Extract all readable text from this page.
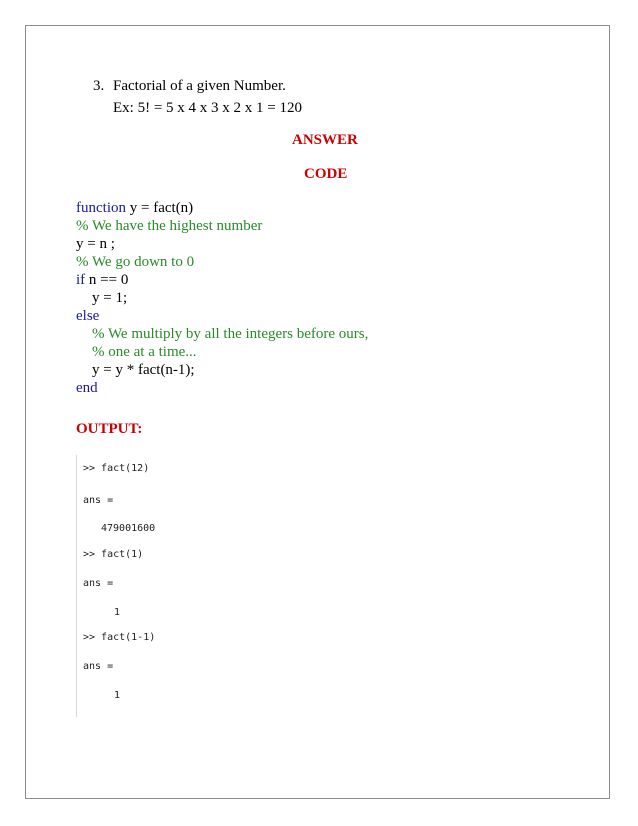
3. Factorial of a given Number.
Ex: 5! = 5 x 4 x 3 x 2 x 1 = 120
ANSWER
CODE
function y = fact(n)
% We have the highest number
y = n ;
% We go down to 0
if n == 0
y = 1;
else
% We multiply by all the integers before ours,
% one at a time...
y = y * fact(n-1);
end
OUTPUT:
>> fact(12)
ans =
479001600
>> fact(1)
ans =
1
>> fact(1-1)
ans =
1
